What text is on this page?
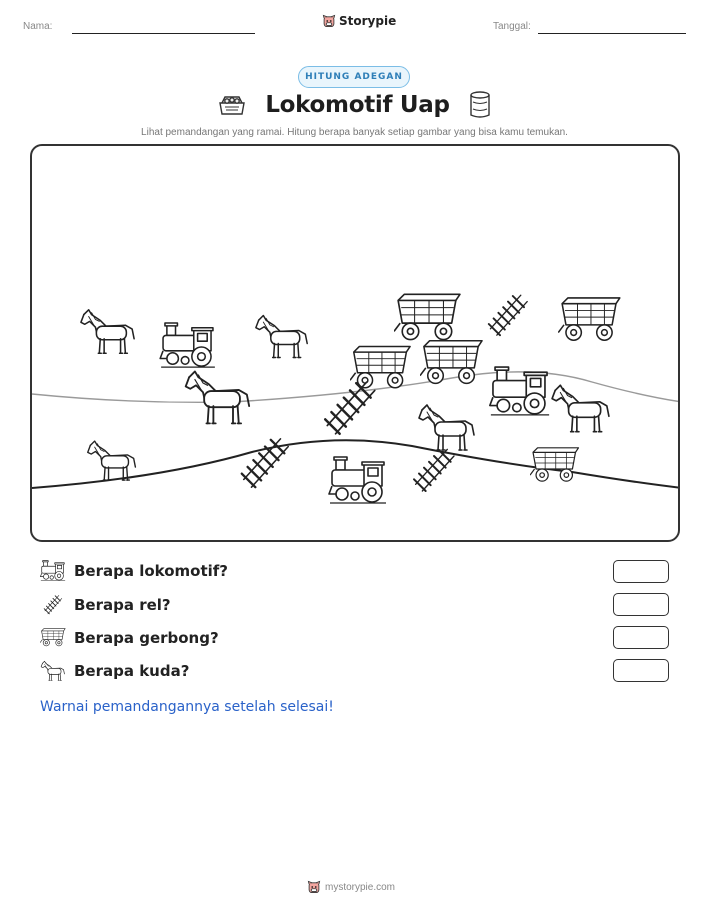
Nama:	Storypie	Tanggal:
HITUNG ADEGAN
Lokomotif Uap
Lihat pemandangan yang ramai. Hitung berapa banyak setiap gambar yang bisa kamu temukan.
Berapa lokomotif?
Berapa rel?
Berapa gerbong?
Berapa kuda?
Warnai pemandangannya setelah selesai!
mystorypie.com
